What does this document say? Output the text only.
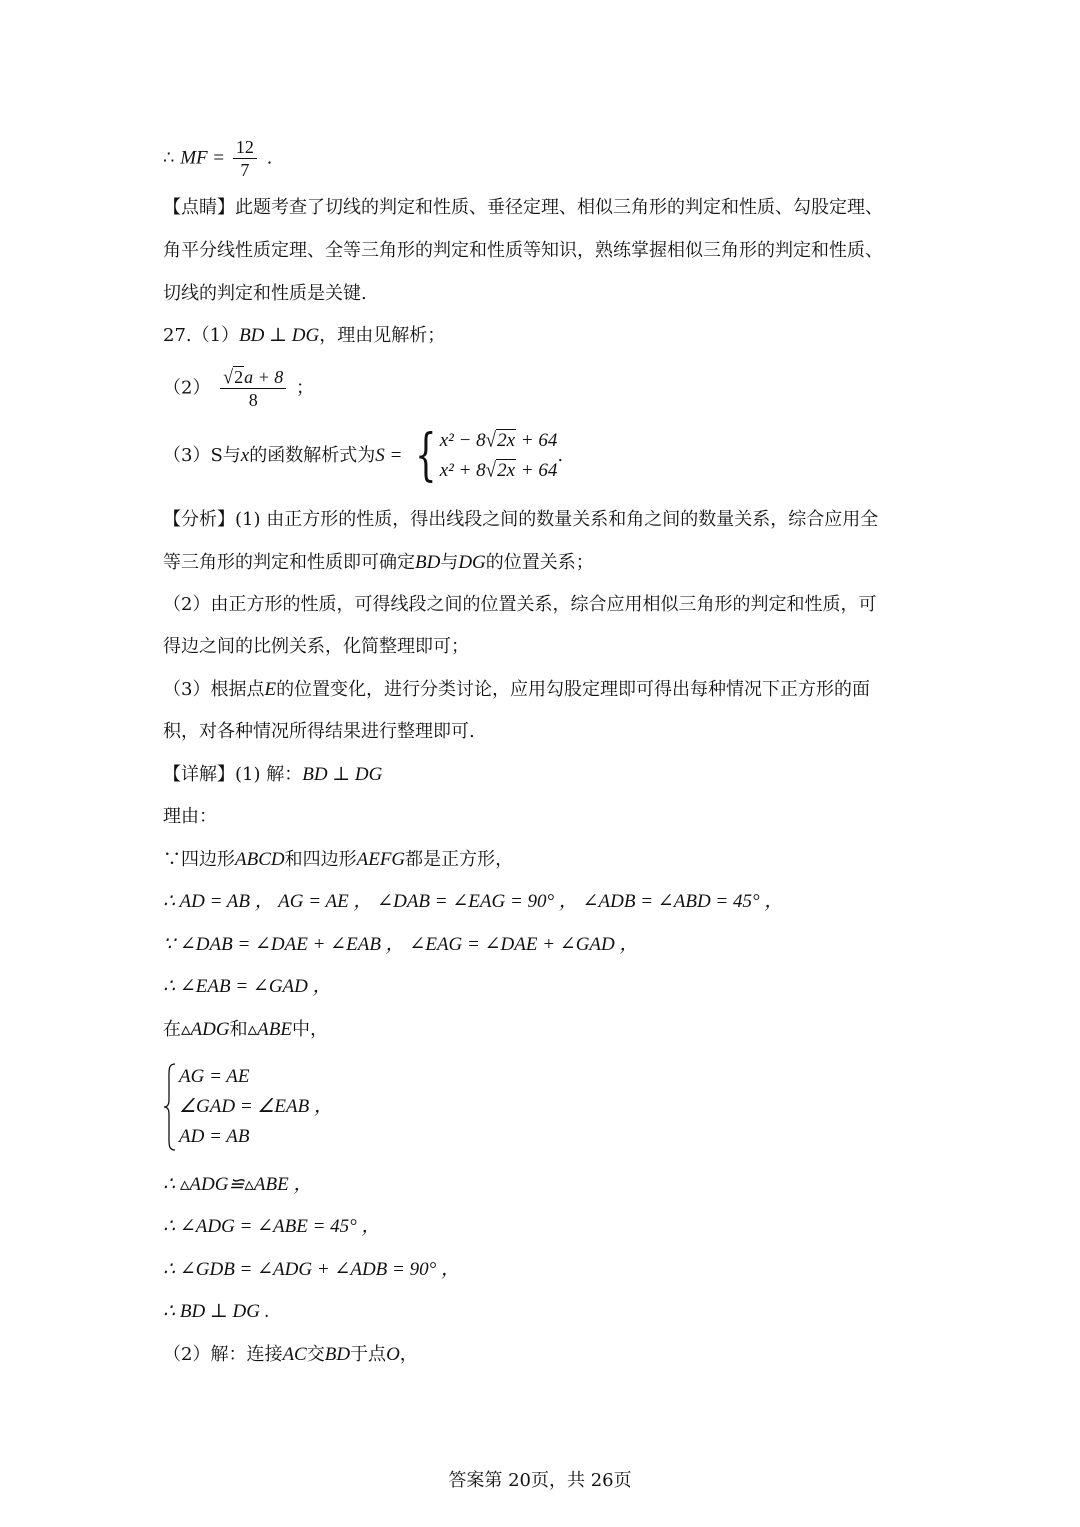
∴ MF = $\frac{12}{7}$ .
【点睛】此题考查了切线的判定和性质、垂径定理、相似三角形的判定和性质、勾股定理、
角平分线性质定理、全等三角形的判定和性质等知识，熟练掌握相似三角形的判定和性质、
切线的判定和性质是关键.
27.（1）BD ⊥ DG，理由见解析；
$(2) \frac{√2a + 8}{8}$ ；
（3）S与x的函数解析式为S = { x² − 8√2x + 64
x² + 8√2x + 64
.
【分析】(1) 由正方形的性质，得出线段之间的数量关系和角之间的数量关系，综合应用全
等三角形的判定和性质即可确定BD与DG的位置关系；
（2）由正方形的性质，可得线段之间的位置关系，综合应用相似三角形的判定和性质，可
得边之间的比例关系，化简整理即可；
（3）根据点E的位置变化，进行分类讨论，应用勾股定理即可得出每种情况下正方形的面
积，对各种情况所得结果进行整理即可.
【详解】(1) 解：BD ⊥ DG
理由：
∵四边形ABCD和四边形AEFG都是正方形，
∴ AD = AB ， AG = AE ， ∠DAB = ∠EAG = 90° ， ∠ADB = ∠ABD = 45° ，
∵ ∠DAB = ∠DAE + ∠EAB ， ∠EAG = ∠DAE + ∠GAD ，
∴ ∠EAB = ∠GAD ，
在▵ADG和▵ABE中，
AG = AE
∠GAD = ∠EAB ，
AD = AB
∴ ▵ADG≌▵ABE ，
∴ ∠ADG = ∠ABE = 45° ，
∴ ∠GDB = ∠ADG + ∠ADB = 90° ，
∴ BD ⊥ DG .
（2）解：连接AC交BD于点O，
答案第 20页，共 26页
